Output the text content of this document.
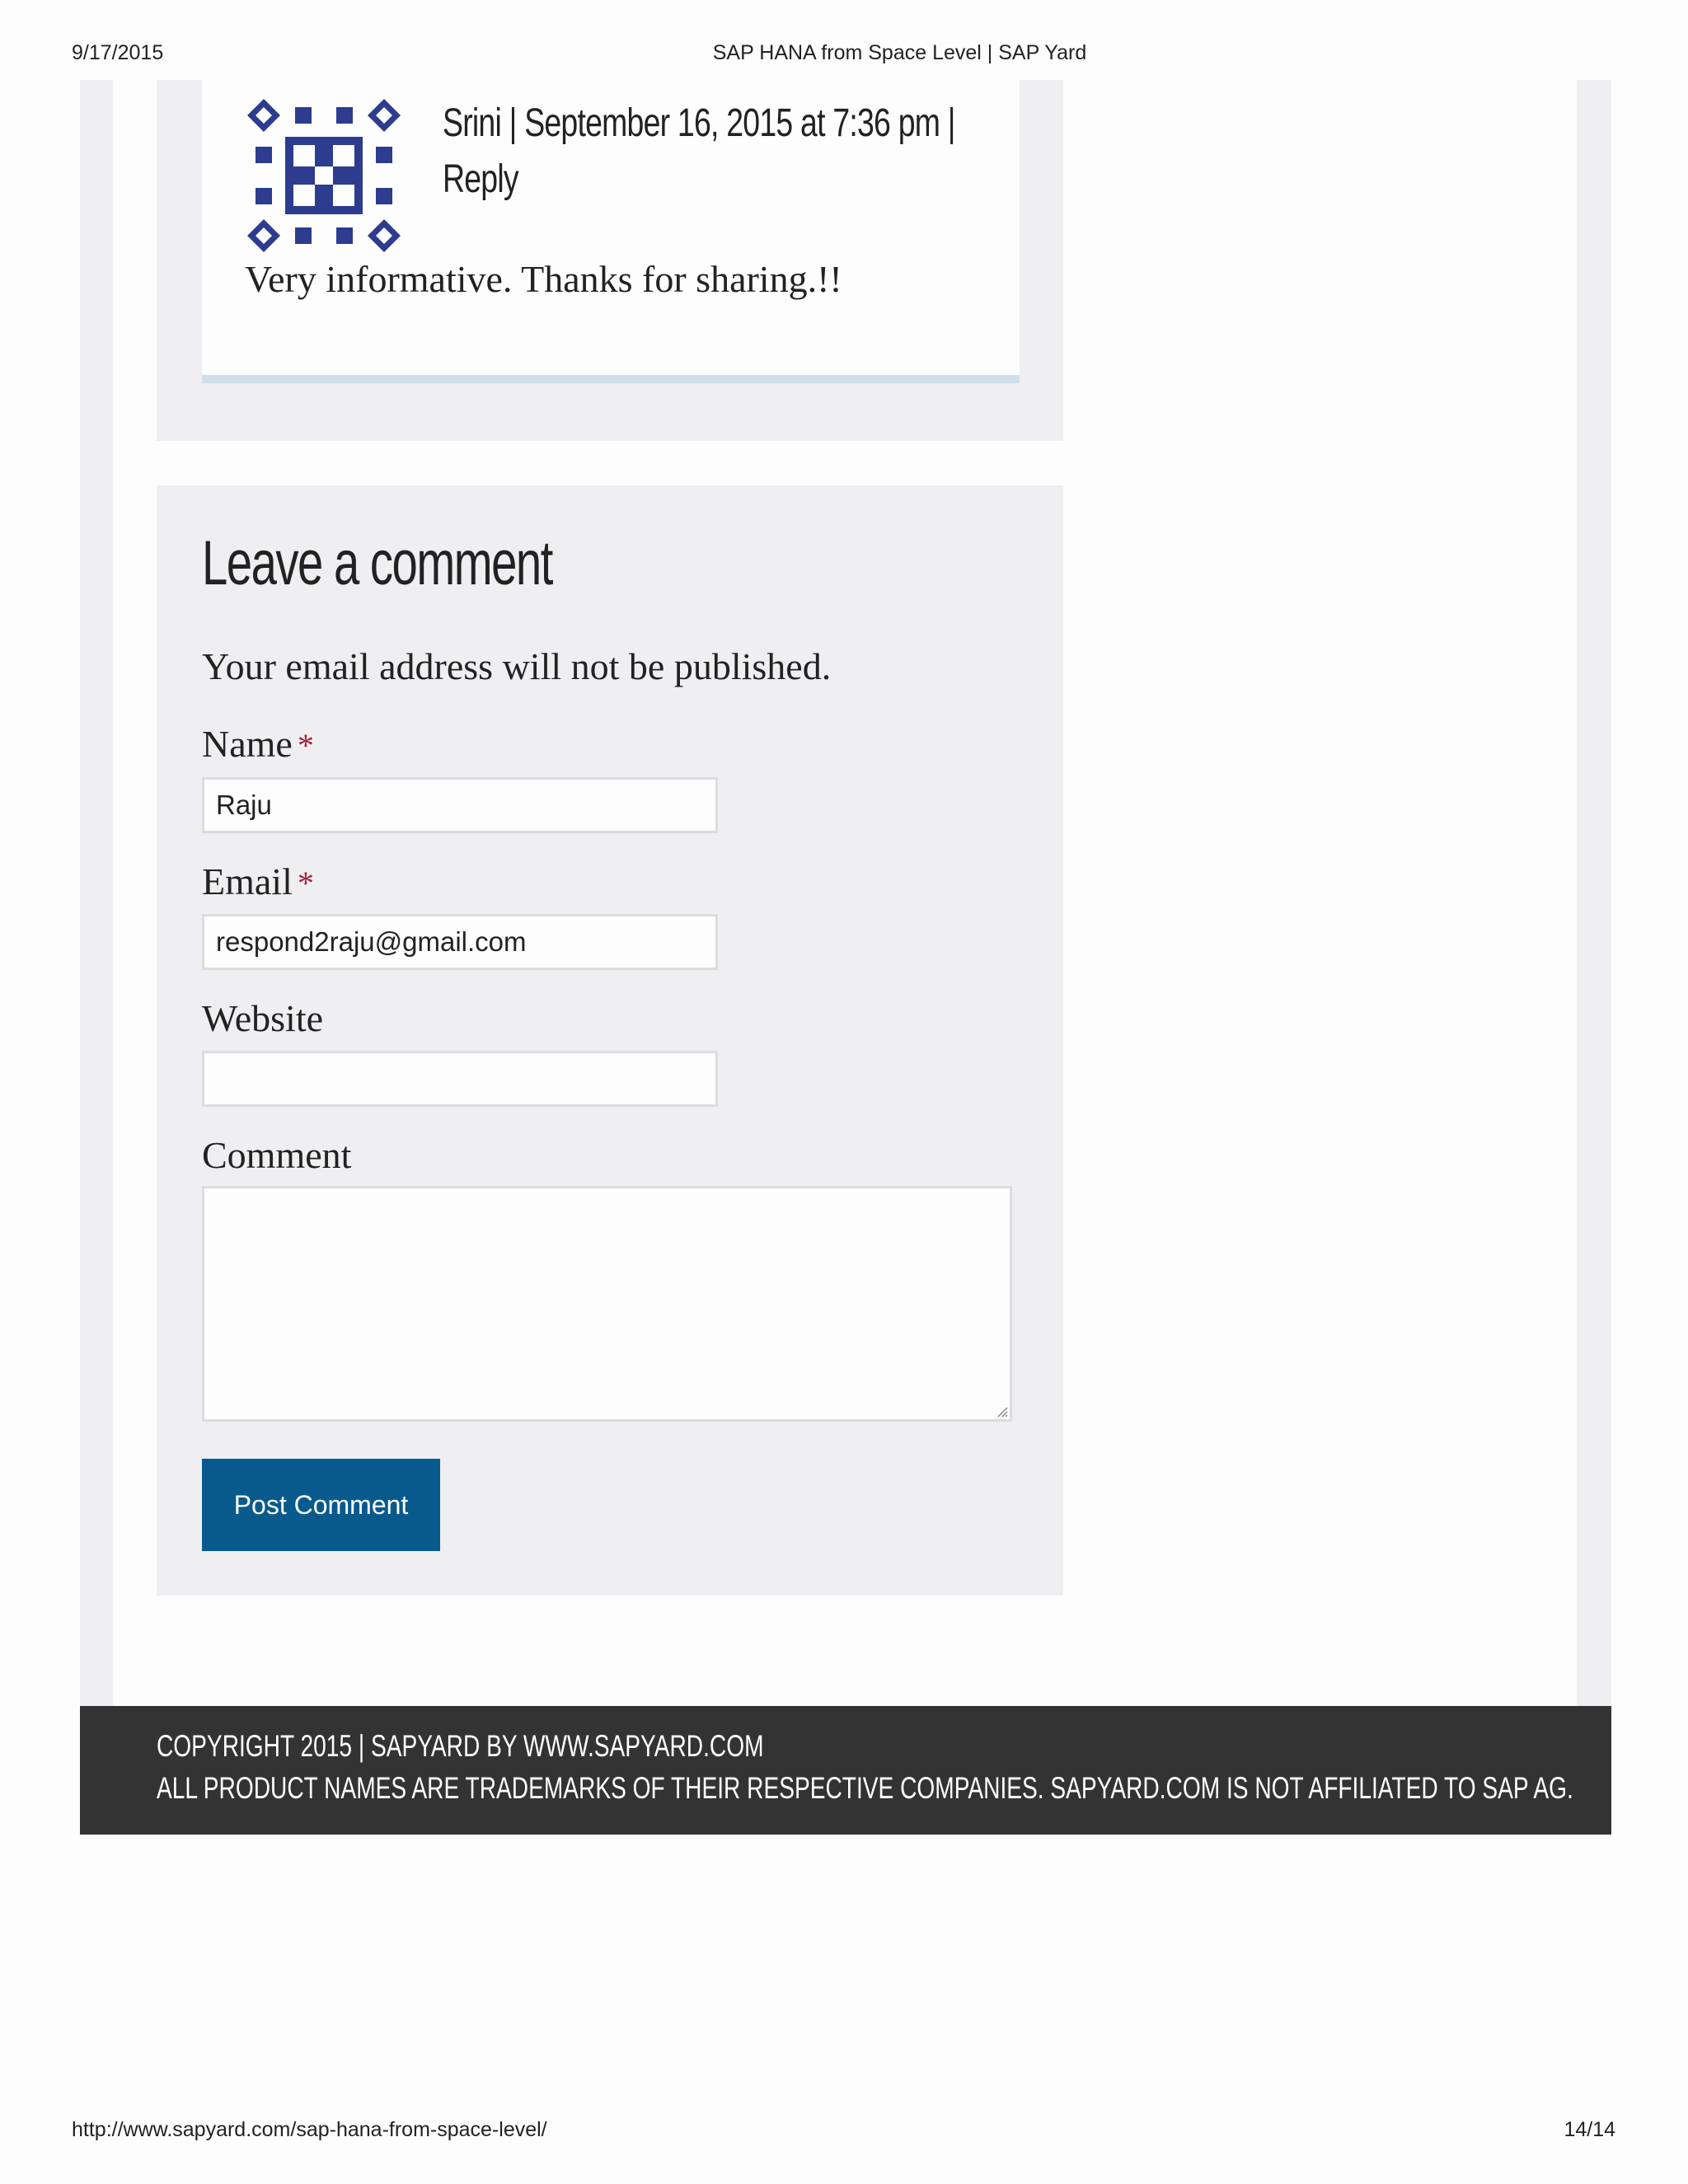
9/17/2015	SAP HANA from Space Level | SAP Yard
Srini | September 16, 2015 at 7:36 pm |
Reply
Very informative. Thanks for sharing.!!
Leave a comment
Your email address will not be published.
Name *
Raju
Email *
respond2raju@gmail.com
Website
Comment
Post Comment
COPYRIGHT 2015 | SAPYARD BY WWW.SAPYARD.COM
ALL PRODUCT NAMES ARE TRADEMARKS OF THEIR RESPECTIVE COMPANIES. SAPYARD.COM IS NOT AFFILIATED TO SAP AG.
http://www.sapyard.com/sap-hana-from-space-level/	14/14
